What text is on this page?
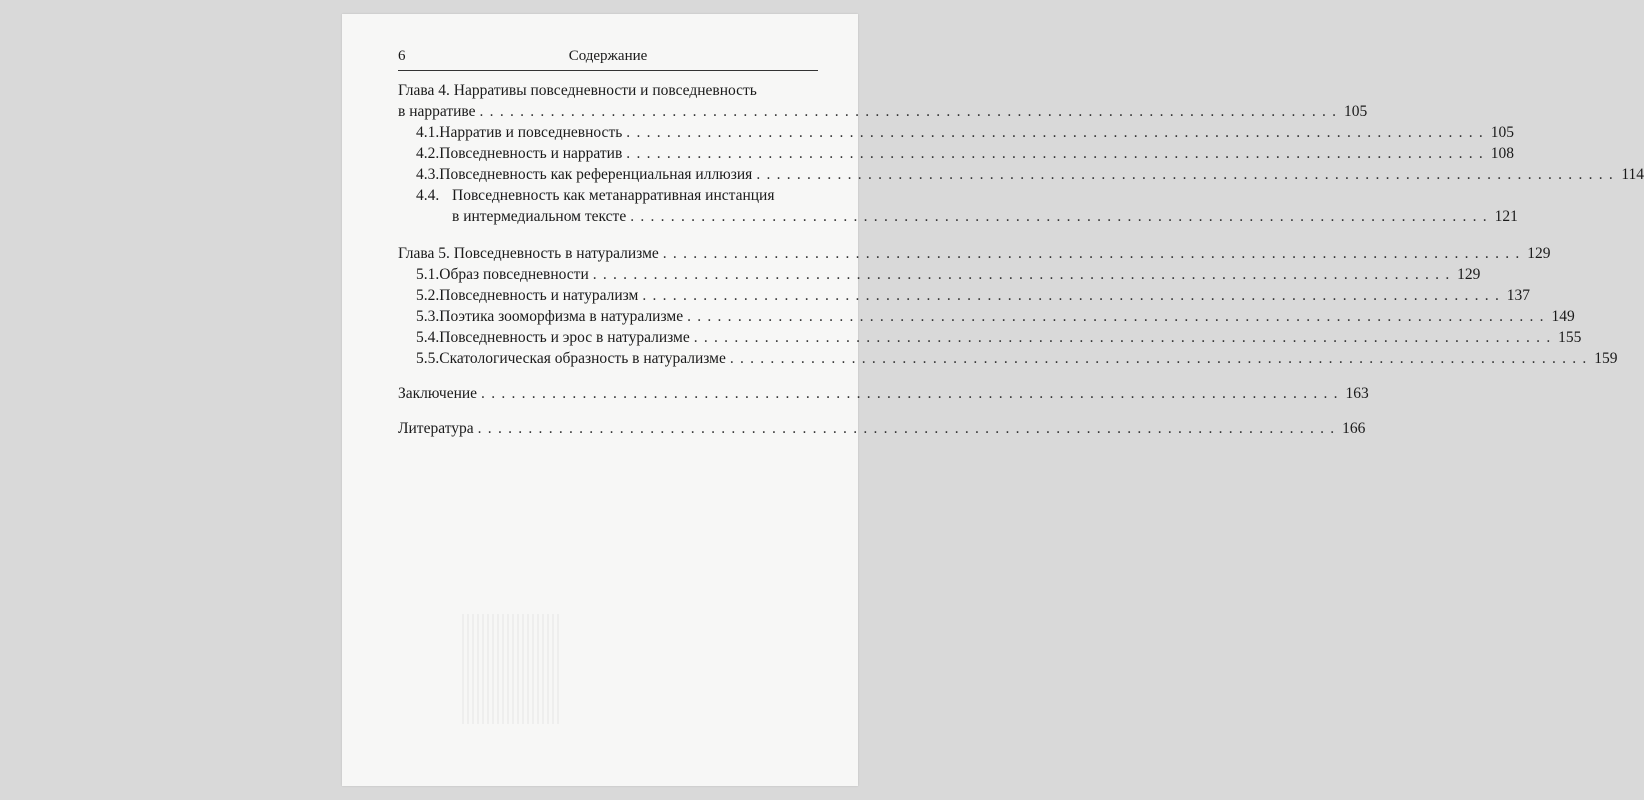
6	Содержание
Глава 4. Нарративы повседневности и повседневность
в нарративе . . .	105
4.1. Нарратив и повседневность . . .	105
4.2. Повседневность и нарратив . . .	108
4.3. Повседневность как референциальная иллюзия . . .	114
4.4. Повседневность как метанарративная инстанция
в интермедиальном тексте . . .	121
Глава 5. Повседневность в натурализме . . .	129
5.1. Образ повседневности . . .	129
5.2. Повседневность и натурализм . . .	137
5.3. Поэтика зооморфизма в натурализме . . .	149
5.4. Повседневность и эрос в натурализме . . .	155
5.5. Скатологическая образность в натурализме . . .	159
Заключение . . .	163
Литература . . .	166
